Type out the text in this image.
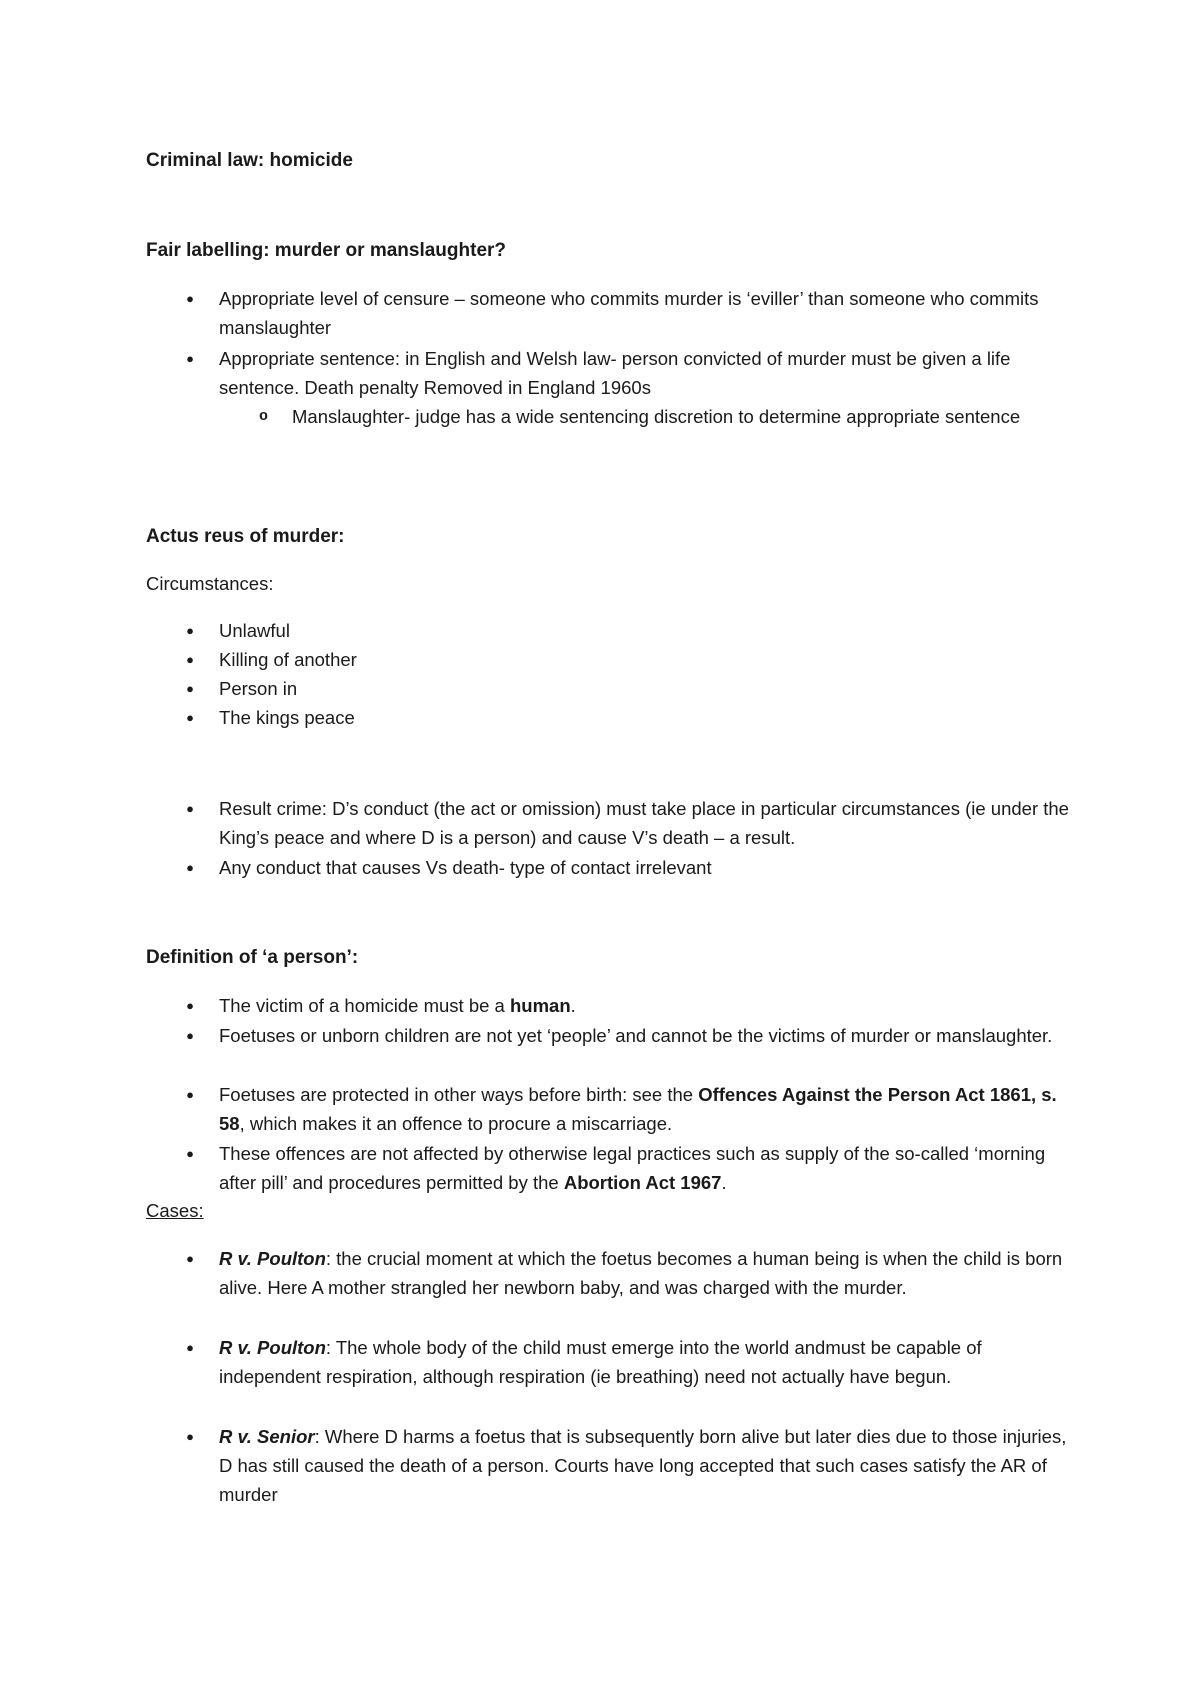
Criminal law: homicide
Fair labelling: murder or manslaughter?
● Appropriate level of censure – someone who commits murder is ‘eviller’ than someone who commits manslaughter
● Appropriate sentence: in English and Welsh law- person convicted of murder must be given a life sentence. Death penalty Removed in England 1960s
o Manslaughter- judge has a wide sentencing discretion to determine appropriate sentence
Actus reus of murder:
Circumstances:
● Unlawful
● Killing of another
● Person in
● The kings peace
● Result crime: D’s conduct (the act or omission) must take place in particular circumstances (ie under the King’s peace and where D is a person) and cause V’s death – a result.
● Any conduct that causes Vs death- type of contact irrelevant
Definition of ‘a person’:
● The victim of a homicide must be a human.
● Foetuses or unborn children are not yet ‘people’ and cannot be the victims of murder or manslaughter.
● Foetuses are protected in other ways before birth: see the Offences Against the Person Act 1861, s. 58, which makes it an offence to procure a miscarriage.
● These offences are not affected by otherwise legal practices such as supply of the so-called ‘morning after pill’ and procedures permitted by the Abortion Act 1967.
Cases:
● R v. Poulton: the crucial moment at which the foetus becomes a human being is when the child is born alive. Here A mother strangled her newborn baby, and was charged with the murder.
● R v. Poulton: The whole body of the child must emerge into the world andmust be capable of independent respiration, although respiration (ie breathing) need not actually have begun.
● R v. Senior: Where D harms a foetus that is subsequently born alive but later dies due to those injuries, D has still caused the death of a person. Courts have long accepted that such cases satisfy the AR of murder
